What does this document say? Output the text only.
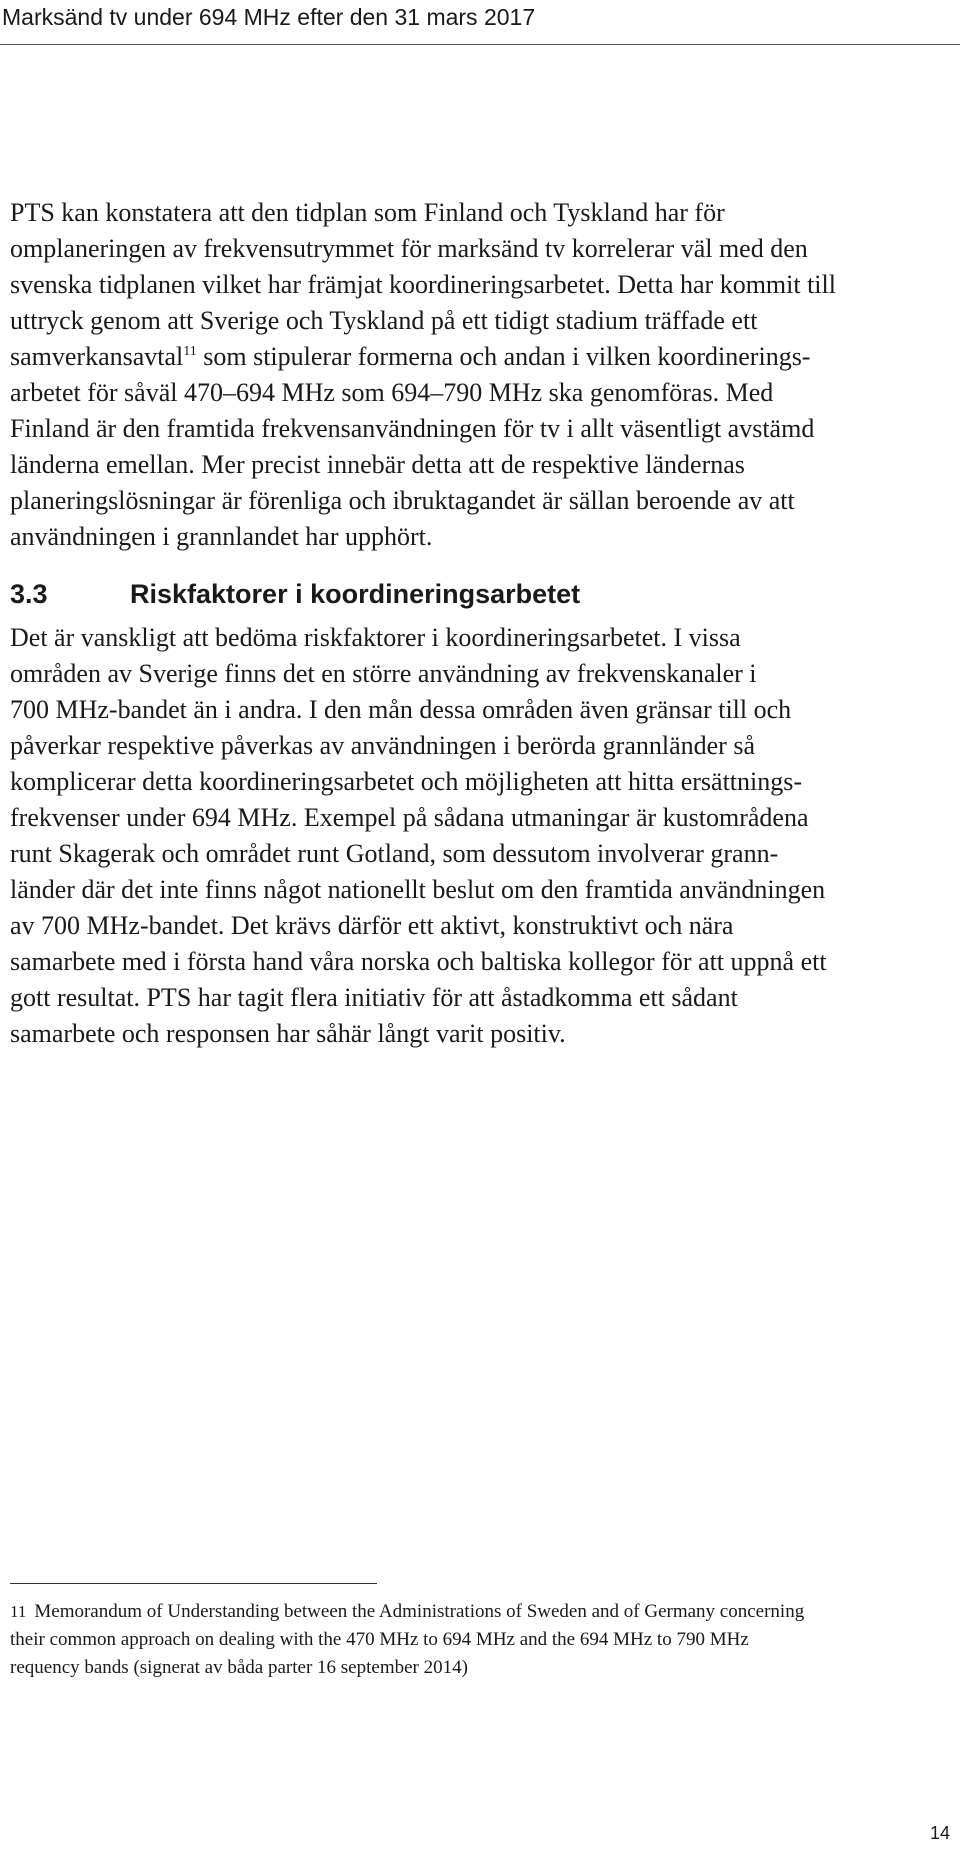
Marksänd tv under 694 MHz efter den 31 mars 2017

PTS kan konstatera att den tidplan som Finland och Tyskland har för
omplaneringen av frekvensutrymmet för marksänd tv korrelerar väl med den
svenska tidplanen vilket har främjat koordineringsarbetet. Detta har kommit till
uttryck genom att Sverige och Tyskland på ett tidigt stadium träffade ett
samverkansavtal$^{11}$ som stipulerar formerna och andan i vilken koordinerings-
arbetet för såväl 470–694 MHz som 694–790 MHz ska genomföras. Med
Finland är den framtida frekvensanvändningen för tv i allt väsentligt avstämd
länderna emellan. Mer precist innebär detta att de respektive ländernas
planeringslösningar är förenliga och ibruktagandet är sällan beroende av att
användningen i grannlandet har upphört.

3.3	Riskfaktorer i koordineringsarbetet

Det är vanskligt att bedöma riskfaktorer i koordineringsarbetet. I vissa
områden av Sverige finns det en större användning av frekvenskanaler i
700 MHz-bandet än i andra. I den mån dessa områden även gränsar till och
påverkar respektive påverkas av användningen i berörda grannländer så
komplicerar detta koordineringsarbetet och möjligheten att hitta ersättnings-
frekvenser under 694 MHz. Exempel på sådana utmaningar är kustområdena
runt Skagerak och området runt Gotland, som dessutom involverar grann-
länder där det inte finns något nationellt beslut om den framtida användningen
av 700 MHz-bandet. Det krävs därför ett aktivt, konstruktivt och nära
samarbete med i första hand våra norska och baltiska kollegor för att uppnå ett
gott resultat. PTS har tagit flera initiativ för att åstadkomma ett sådant
samarbete och responsen har såhär långt varit positiv.

11 Memorandum of Understanding between the Administrations of Sweden and of Germany concerning
their common approach on dealing with the 470 MHz to 694 MHz and the 694 MHz to 790 MHz
requency bands (signerat av båda parter 16 september 2014)

14
